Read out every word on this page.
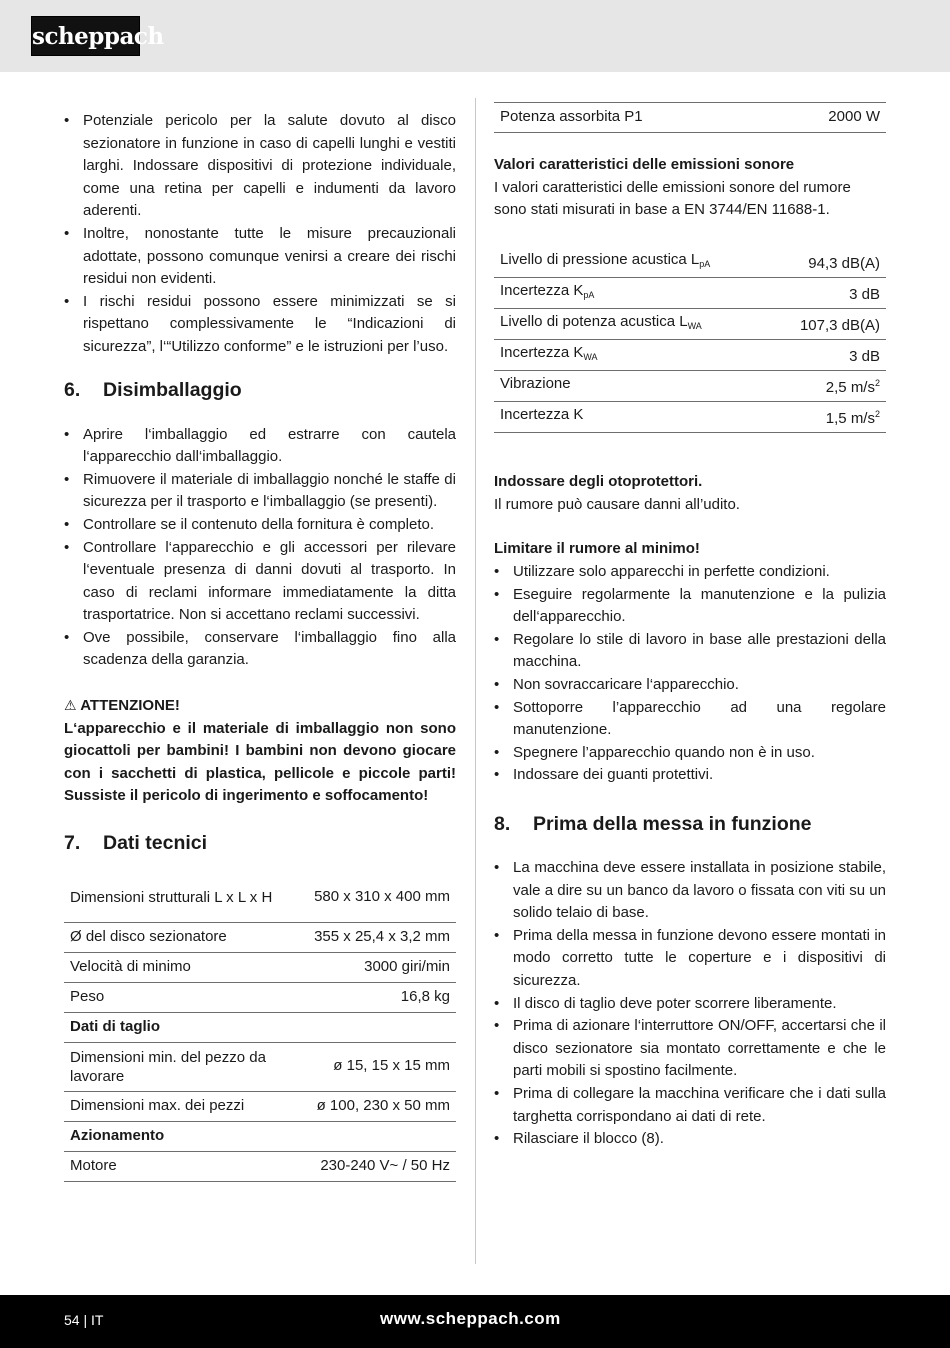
scheppach
• Potenziale pericolo per la salute dovuto al disco sezionatore in funzione in caso di capelli lunghi e vestiti larghi. Indossare dispositivi di protezione individuale, come una retina per capelli e indumenti da lavoro aderenti.
• Inoltre, nonostante tutte le misure precauzionali adottate, possono comunque venirsi a creare dei rischi residui non evidenti.
• I rischi residui possono essere minimizzati se si rispettano complessivamente le “Indicazioni di sicurezza”, l‘“Utilizzo conforme” e le istruzioni per l’uso.
6. Disimballaggio
• Aprire l‘imballaggio ed estrarre con cautela l‘apparecchio dall‘imballaggio.
• Rimuovere il materiale di imballaggio nonché le staffe di sicurezza per il trasporto e l‘imballaggio (se presenti).
• Controllare se il contenuto della fornitura è completo.
• Controllare l‘apparecchio e gli accessori per rilevare l‘eventuale presenza di danni dovuti al trasporto. In caso di reclami informare immediatamente la ditta trasportatrice. Non si accettano reclami successivi.
• Ove possibile, conservare l‘imballaggio fino alla scadenza della garanzia.

⚠ ATTENZIONE!

L‘apparecchio e il materiale di imballaggio non sono giocattoli per bambini! I bambini non devono giocare con i sacchetti di plastica, pellicole e piccole parti! Sussiste il pericolo di ingerimento e soffocamento!

7. Dati tecnici
Dimensioni strutturali L x L x H	580 x 310 x 400 mm
Ø del disco sezionatore	355 x 25,4 x 3,2 mm
Velocità di minimo	3000 giri/min
Peso	16,8 kg
Dati di taglio	
Dimensioni min. del pezzo da lavorare	ø 15, 15 x 15 mm
Dimensioni max. dei pezzi	ø 100, 230 x 50 mm
Azionamento	
Motore	230-240 V~ / 50 Hz
Potenza assorbita P1	2000 W

Valori caratteristici delle emissioni sonore

I valori caratteristici delle emissioni sonore del rumore sono stati misurati in base a EN 3744/EN 11688-1.

Livello di pressione acustica $L_{pA}$	94,3 dB(A)
Incertezza $K_{pA}$	3 dB
Livello di potenza acustica $L_{WA}$	107,3 dB(A)
Incertezza $K_{WA}$	3 dB
Vibrazione	2,5 $m/s^2$
Incertezza K	1,5 $m/s^2$

Indossare degli otoprotettori.

Il rumore può causare danni all’udito.

Limitare il rumore al minimo!

• Utilizzare solo apparecchi in perfette condizioni.
• Eseguire regolarmente la manutenzione e la pulizia dell‘apparecchio.
• Regolare lo stile di lavoro in base alle prestazioni della macchina.
• Non sovraccaricare l‘apparecchio.
• Sottoporre l’apparecchio ad una regolare manutenzione.
• Spegnere l’apparecchio quando non è in uso.
• Indossare dei guanti protettivi.
8. Prima della messa in funzione
• La macchina deve essere installata in posizione stabile, vale a dire su un banco da lavoro o fissata con viti su un solido telaio di base.
• Prima della messa in funzione devono essere montati in modo corretto tutte le coperture e i dispositivi di sicurezza.
• Il disco di taglio deve poter scorrere liberamente.
• Prima di azionare l‘interruttore ON/OFF, accertarsi che il disco sezionatore sia montato correttamente e che le parti mobili si spostino facilmente.
• Prima di collegare la macchina verificare che i dati sulla targhetta corrispondano ai dati di rete.
• Rilasciare il blocco (8).
54 | IT	www.scheppach.com
